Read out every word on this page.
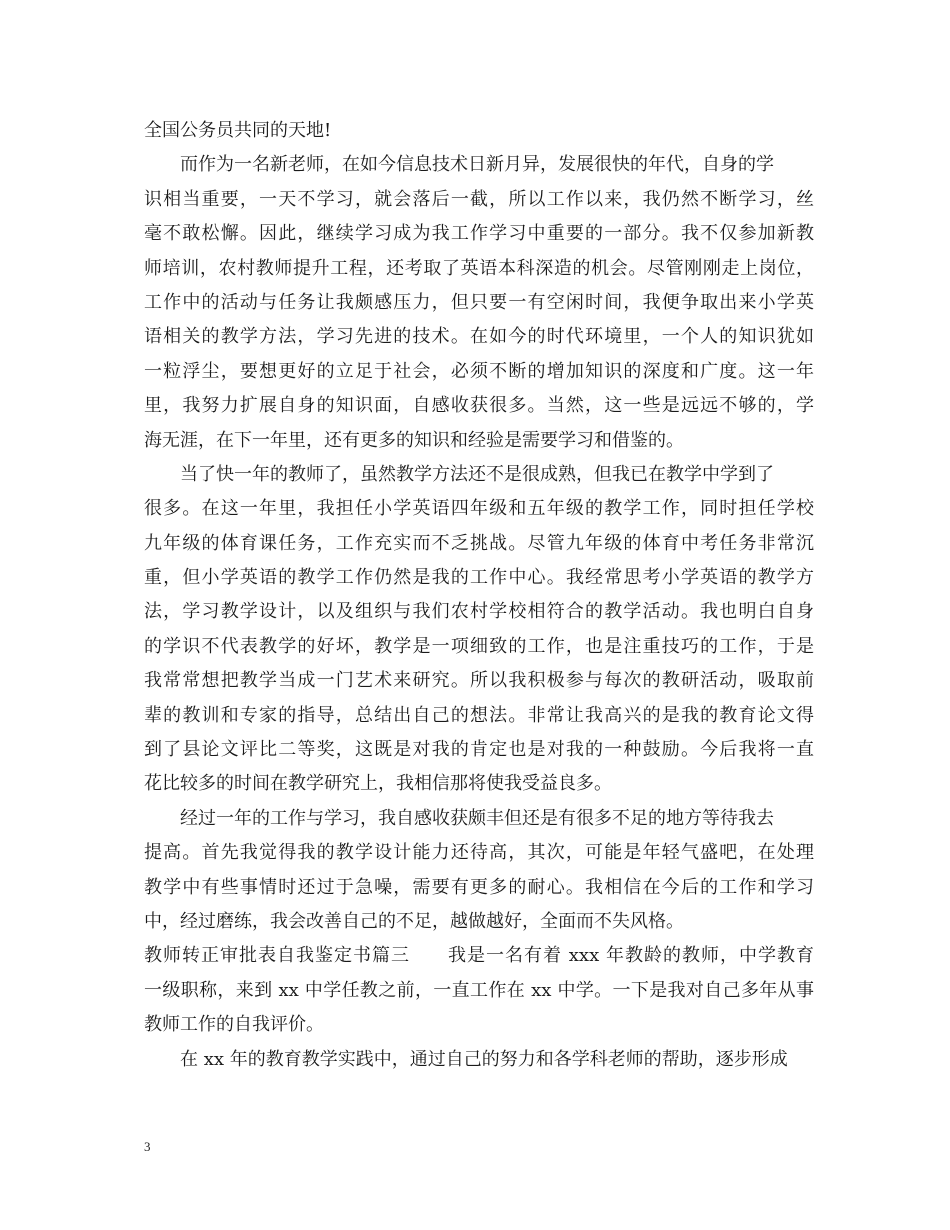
全国公务员共同的天地!
而作为一名新老师，在如今信息技术日新月异，发展很快的年代，自身的学
识相当重要，一天不学习，就会落后一截，所以工作以来，我仍然不断学习，丝
毫不敢松懈。因此，继续学习成为我工作学习中重要的一部分。我不仅参加新教
师培训，农村教师提升工程，还考取了英语本科深造的机会。尽管刚刚走上岗位，
工作中的活动与任务让我颇感压力，但只要一有空闲时间，我便争取出来小学英
语相关的教学方法，学习先进的技术。在如今的时代环境里，一个人的知识犹如
一粒浮尘，要想更好的立足于社会，必须不断的增加知识的深度和广度。这一年
里，我努力扩展自身的知识面，自感收获很多。当然，这一些是远远不够的，学
海无涯，在下一年里，还有更多的知识和经验是需要学习和借鉴的。
当了快一年的教师了，虽然教学方法还不是很成熟，但我已在教学中学到了
很多。在这一年里，我担任小学英语四年级和五年级的教学工作，同时担任学校
九年级的体育课任务，工作充实而不乏挑战。尽管九年级的体育中考任务非常沉
重，但小学英语的教学工作仍然是我的工作中心。我经常思考小学英语的教学方
法，学习教学设计，以及组织与我们农村学校相符合的教学活动。我也明白自身
的学识不代表教学的好坏，教学是一项细致的工作，也是注重技巧的工作，于是
我常常想把教学当成一门艺术来研究。所以我积极参与每次的教研活动，吸取前
辈的教训和专家的指导，总结出自己的想法。非常让我高兴的是我的教育论文得
到了县论文评比二等奖，这既是对我的肯定也是对我的一种鼓励。今后我将一直
花比较多的时间在教学研究上，我相信那将使我受益良多。
经过一年的工作与学习，我自感收获颇丰但还是有很多不足的地方等待我去
提高。首先我觉得我的教学设计能力还待高，其次，可能是年轻气盛吧，在处理
教学中有些事情时还过于急噪，需要有更多的耐心。我相信在今后的工作和学习
中，经过磨练，我会改善自己的不足，越做越好，全面而不失风格。
教师转正审批表自我鉴定书篇三　　我是一名有着 xxx 年教龄的教师，中学教育
一级职称，来到 xx 中学任教之前，一直工作在 xx 中学。一下是我对自己多年从事
教师工作的自我评价。
在 xx 年的教育教学实践中，通过自己的努力和各学科老师的帮助，逐步形成
3
